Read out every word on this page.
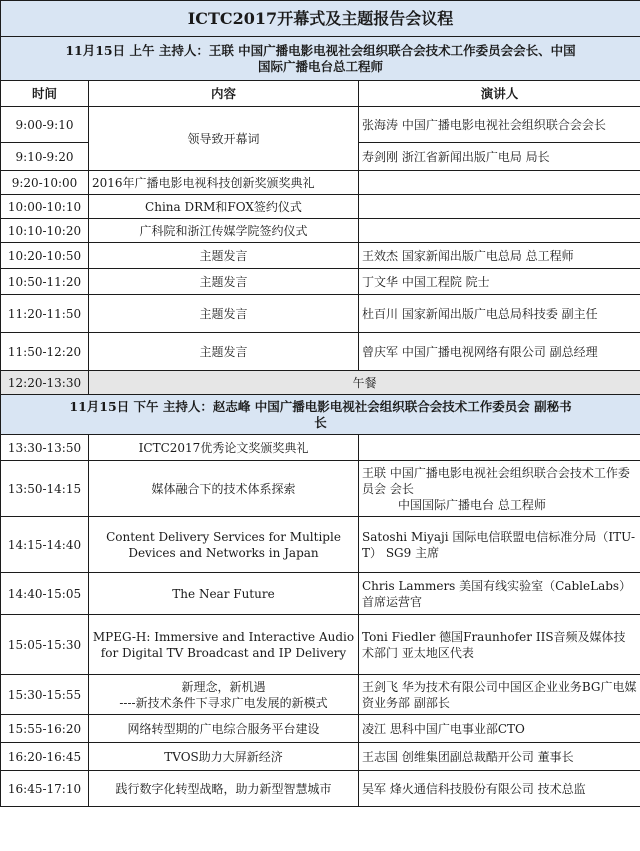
ICTC2017开幕式及主题报告会议程		

11月15日 上午 主持人：王联 中国广播电影电视社会组织联合会技术工作委员会会长、中国
国际广播电台总工程师		

时间	内容	演讲人
9:00-9:10	领导致开幕词	张海涛 中国广播电影电视社会组织联合会会长
9:10-9:20		寿剑刚 浙江省新闻出版广电局 局长
9:20-10:00	2016年广播电影电视科技创新奖颁奖典礼	
10:00-10:10	China DRM和FOX签约仪式	
10:10-10:20	广科院和浙江传媒学院签约仪式	
10:20-10:50	主题发言	王效杰 国家新闻出版广电总局 总工程师
10:50-11:20	主题发言	丁文华 中国工程院 院士
11:20-11:50	主题发言	杜百川 国家新闻出版广电总局科技委 副主任
11:50-12:20	主题发言	曾庆军 中国广播电视网络有限公司 副总经理
12:20-13:30	午餐	

11月15日 下午 主持人：赵志峰 中国广播电影电视社会组织联合会技术工作委员会 副秘书
长		

13:30-13:50	ICTC2017优秀论文奖颁奖典礼	
13:50-14:15	媒体融合下的技术体系探索	王联 中国广播电影电视社会组织联合会技术工作委员会 会长
中国国际广播电台 总工程师

14:15-14:40	Content Delivery Services for Multiple Devices and Networks in Japan	Satoshi Miyaji 国际电信联盟电信标准分局（ITU-T） SG9 主席
14:40-15:05	The Near Future	Chris Lammers 美国有线实验室（CableLabs）首席运营官
15:05-15:30	MPEG-H: Immersive and Interactive Audio for Digital TV Broadcast and IP Delivery	Toni Fiedler 德国Fraunhofer IIS音频及媒体技术部门 亚太地区代表
15:30-15:55	新理念，新机遇
----新技术条件下寻求广电发展的新模式	王剑飞 华为技术有限公司中国区企业业务BG广电媒资业务部 副部长
15:55-16:20	网络转型期的广电综合服务平台建设	凌江 思科中国广电事业部CTO
16:20-16:45	TVOS助力大屏新经济	王志国 创维集团副总裁酷开公司 董事长
16:45-17:10	践行数字化转型战略，助力新型智慧城市	吴军 烽火通信科技股份有限公司 技术总监
